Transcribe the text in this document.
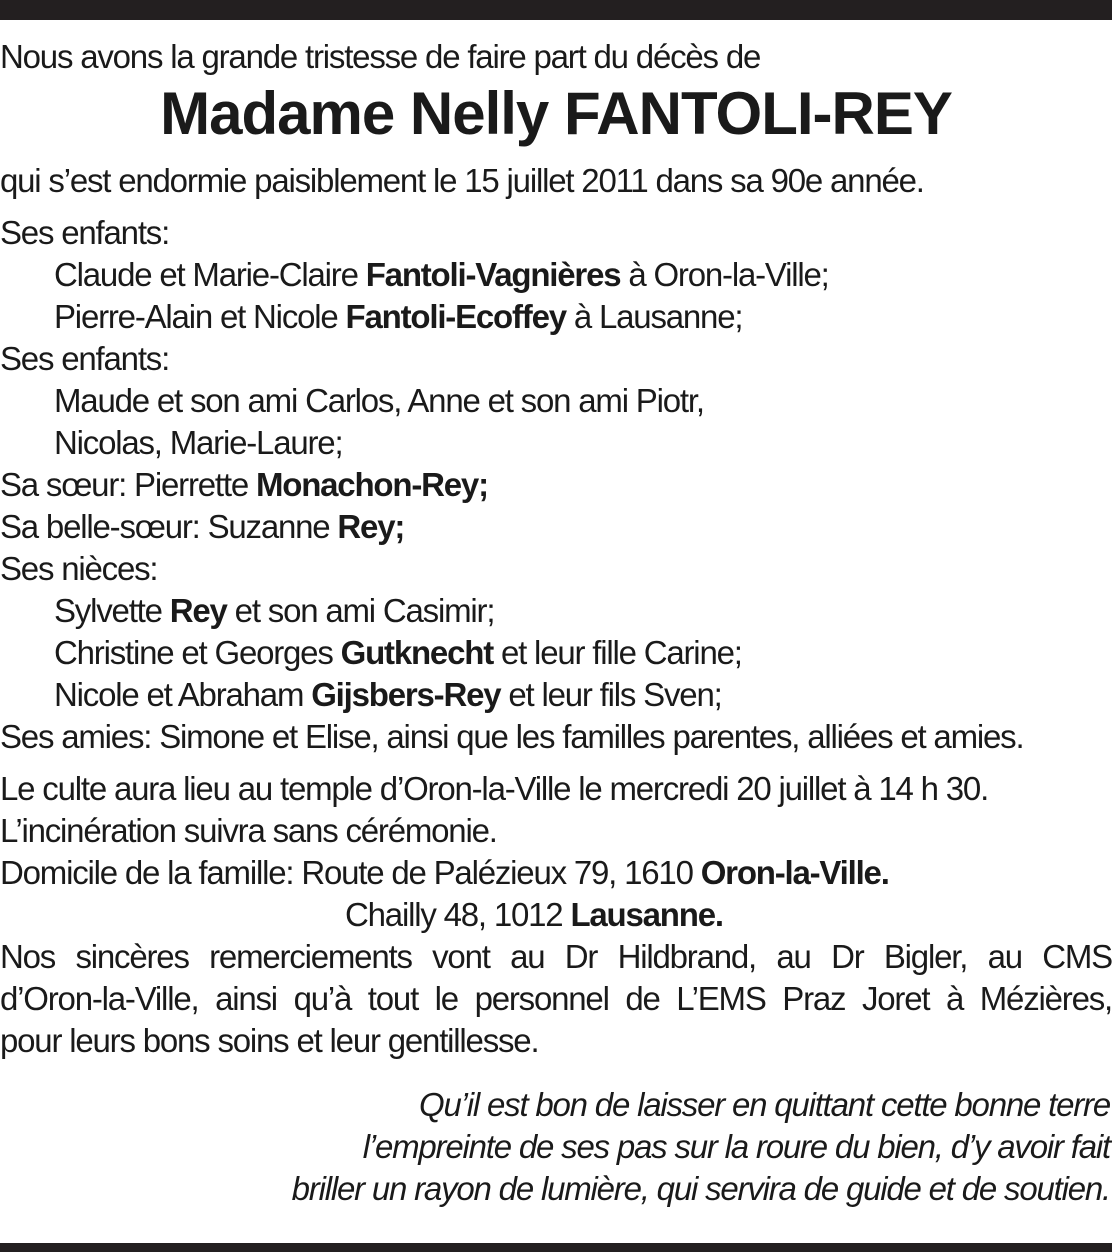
Nous avons la grande tristesse de faire part du décès de
Madame Nelly FANTOLI-REY
qui s’est endormie paisiblement le 15 juillet 2011 dans sa 90e année.
Ses enfants:
Claude et Marie-Claire Fantoli-Vagnières à Oron-la-Ville;
Pierre-Alain et Nicole Fantoli-Ecoffey à Lausanne;
Ses enfants:
Maude et son ami Carlos, Anne et son ami Piotr,
Nicolas, Marie-Laure;
Sa sœur: Pierrette Monachon-Rey;
Sa belle-sœur: Suzanne Rey;
Ses nièces:
Sylvette Rey et son ami Casimir;
Christine et Georges Gutknecht et leur fille Carine;
Nicole et Abraham Gijsbers-Rey et leur fils Sven;
Ses amies: Simone et Elise, ainsi que les familles parentes, alliées et amies.
Le culte aura lieu au temple d’Oron-la-Ville le mercredi 20 juillet à 14 h 30.
L’incinération suivra sans cérémonie.
Domicile de la famille: Route de Palézieux 79, 1610 Oron-la-Ville.
Chailly 48, 1012 Lausanne.
Nos sincères remerciements vont au Dr Hildbrand, au Dr Bigler, au CMS
d’Oron-la-Ville, ainsi qu’à tout le personnel de L’EMS Praz Joret à Mézières,
pour leurs bons soins et leur gentillesse.
Qu’il est bon de laisser en quittant cette bonne terre
l’empreinte de ses pas sur la roure du bien, d’y avoir fait
briller un rayon de lumière, qui servira de guide et de soutien.
